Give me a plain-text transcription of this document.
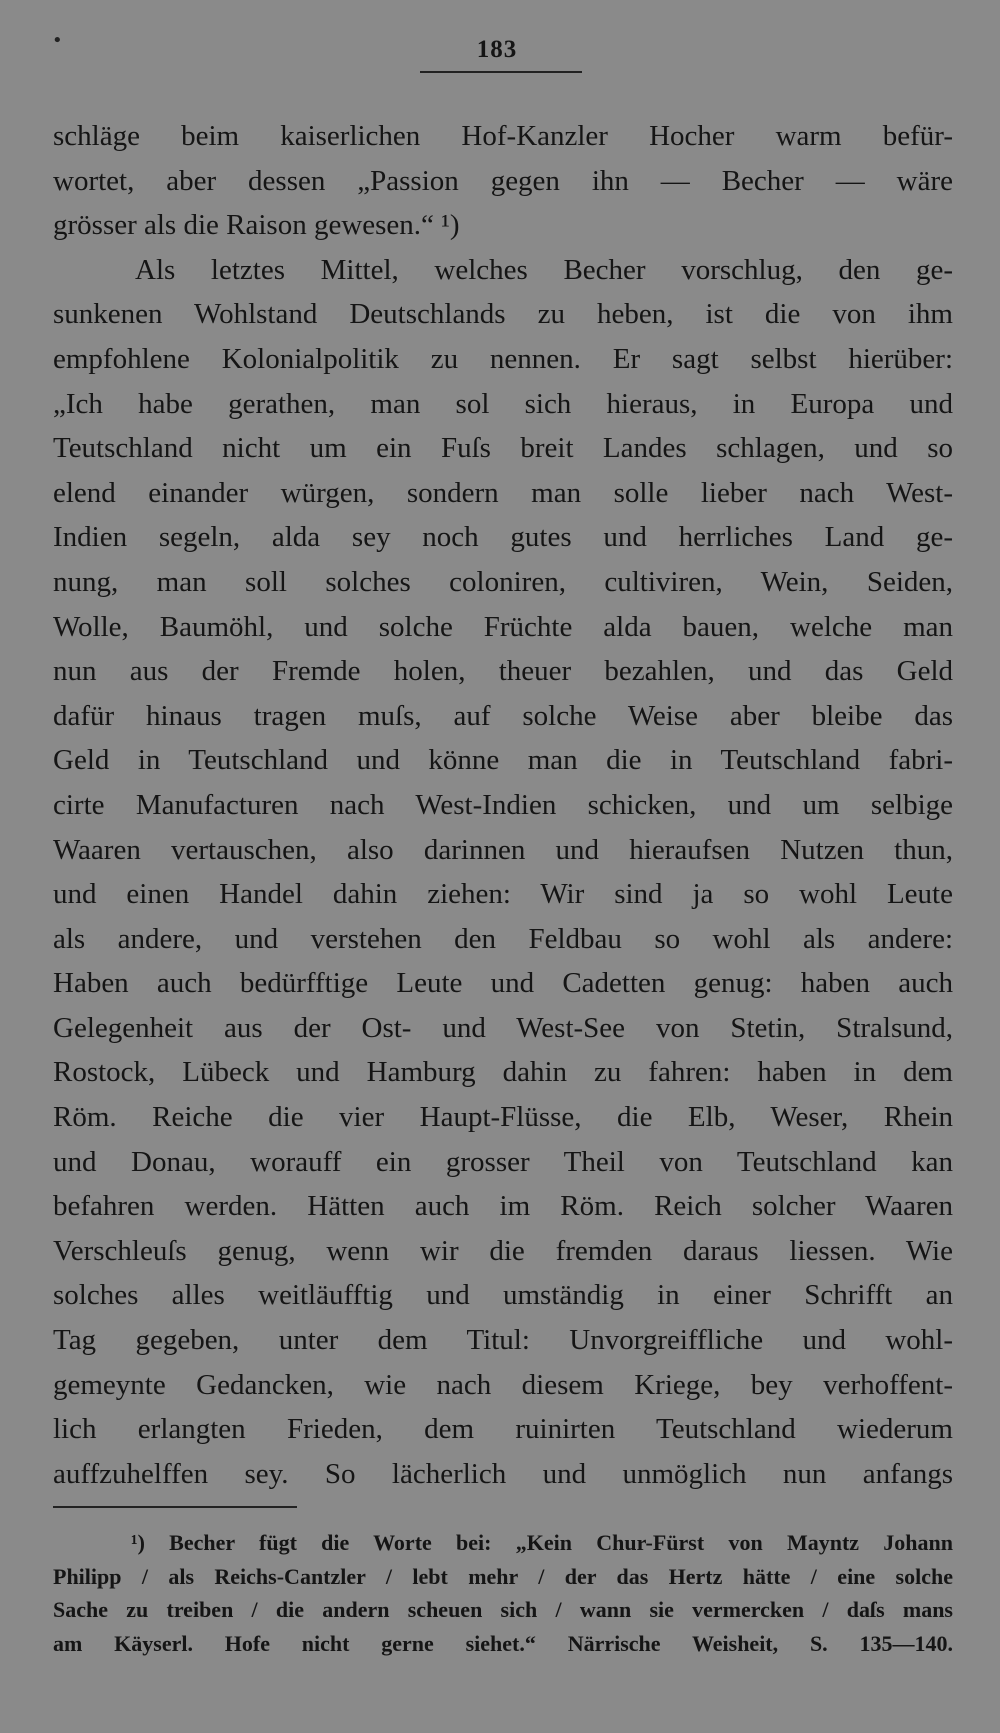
•	183
schläge beim kaiserlichen Hof-Kanzler Hocher warm befür-
wortet, aber dessen „Passion gegen ihn — Becher — wäre
grösser als die Raison gewesen.“ ¹)
Als letztes Mittel, welches Becher vorschlug, den ge-
sunkenen Wohlstand Deutschlands zu heben, ist die von ihm
empfohlene Kolonialpolitik zu nennen. Er sagt selbst hierüber:
„Ich habe gerathen, man sol sich hieraus, in Europa und
Teutschland nicht um ein Fuſs breit Landes schlagen, und so
elend einander würgen, sondern man solle lieber nach West-
Indien segeln, alda sey noch gutes und herrliches Land ge-
nung, man soll solches coloniren, cultiviren, Wein, Seiden,
Wolle, Baumöhl, und solche Früchte alda bauen, welche man
nun aus der Fremde holen, theuer bezahlen, und das Geld
dafür hinaus tragen muſs, auf solche Weise aber bleibe das
Geld in Teutschland und könne man die in Teutschland fabri-
cirte Manufacturen nach West-Indien schicken, und um selbige
Waaren vertauschen, also darinnen und hieraufsen Nutzen thun,
und einen Handel dahin ziehen: Wir sind ja so wohl Leute
als andere, und verstehen den Feldbau so wohl als andere:
Haben auch bedürfftige Leute und Cadetten genug: haben auch
Gelegenheit aus der Ost- und West-See von Stetin, Stralsund,
Rostock, Lübeck und Hamburg dahin zu fahren: haben in dem
Röm. Reiche die vier Haupt-Flüsse, die Elb, Weser, Rhein
und Donau, worauff ein grosser Theil von Teutschland kan
befahren werden. Hätten auch im Röm. Reich solcher Waaren
Verschleuſs genug, wenn wir die fremden daraus liessen. Wie
solches alles weitläufftig und umständig in einer Schrifft an
Tag gegeben, unter dem Titul: Unvorgreiffliche und wohl-
gemeynte Gedancken, wie nach diesem Kriege, bey verhoffent-
lich erlangten Frieden, dem ruinirten Teutschland wiederum
auffzuhelffen sey. So lächerlich und unmöglich nun anfangs
¹) Becher fügt die Worte bei: „Kein Chur-Fürst von Mayntz Johann
Philipp / als Reichs-Cantzler / lebt mehr / der das Hertz hätte / eine solche
Sache zu treiben / die andern scheuen sich / wann sie vermercken / daſs mans
am Käyserl. Hofe nicht gerne siehet.“ Närrische Weisheit, S. 135—140.
